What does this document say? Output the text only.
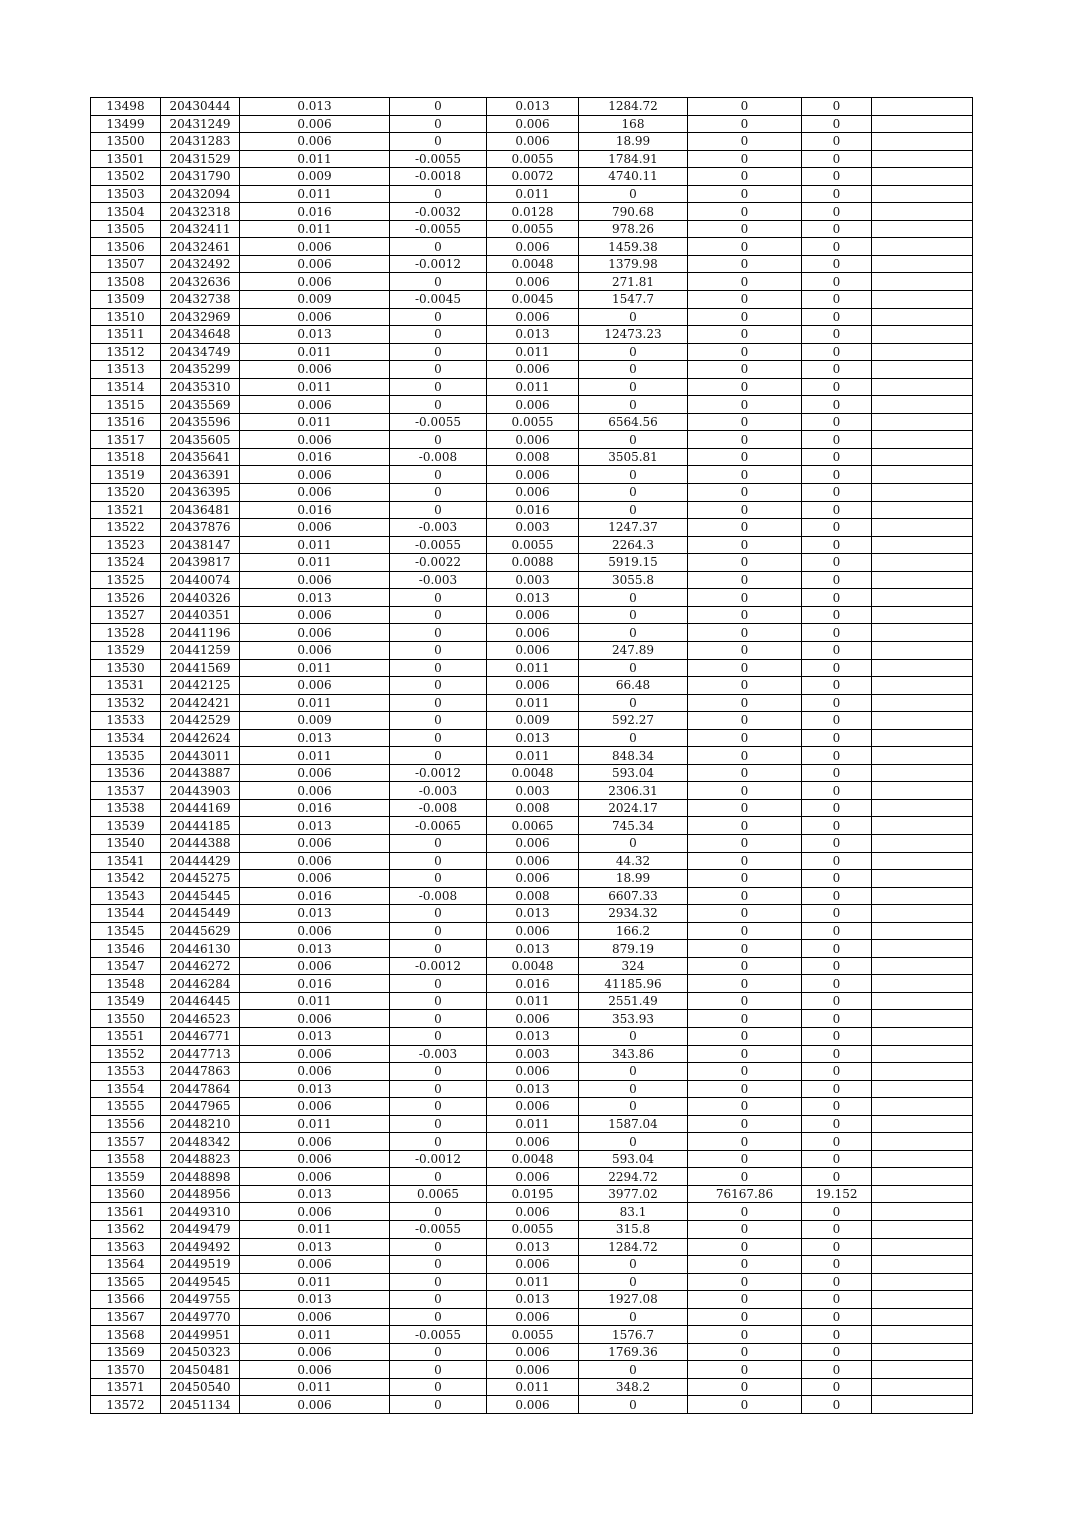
13498	20430444	0.013	0	0.013	1284.72	0	0	
13499	20431249	0.006	0	0.006	168	0	0	
13500	20431283	0.006	0	0.006	18.99	0	0	
13501	20431529	0.011	-0.0055	0.0055	1784.91	0	0	
13502	20431790	0.009	-0.0018	0.0072	4740.11	0	0	
13503	20432094	0.011	0	0.011	0	0	0	
13504	20432318	0.016	-0.0032	0.0128	790.68	0	0	
13505	20432411	0.011	-0.0055	0.0055	978.26	0	0	
13506	20432461	0.006	0	0.006	1459.38	0	0	
13507	20432492	0.006	-0.0012	0.0048	1379.98	0	0	
13508	20432636	0.006	0	0.006	271.81	0	0	
13509	20432738	0.009	-0.0045	0.0045	1547.7	0	0	
13510	20432969	0.006	0	0.006	0	0	0	
13511	20434648	0.013	0	0.013	12473.23	0	0	
13512	20434749	0.011	0	0.011	0	0	0	
13513	20435299	0.006	0	0.006	0	0	0	
13514	20435310	0.011	0	0.011	0	0	0	
13515	20435569	0.006	0	0.006	0	0	0	
13516	20435596	0.011	-0.0055	0.0055	6564.56	0	0	
13517	20435605	0.006	0	0.006	0	0	0	
13518	20435641	0.016	-0.008	0.008	3505.81	0	0	
13519	20436391	0.006	0	0.006	0	0	0	
13520	20436395	0.006	0	0.006	0	0	0	
13521	20436481	0.016	0	0.016	0	0	0	
13522	20437876	0.006	-0.003	0.003	1247.37	0	0	
13523	20438147	0.011	-0.0055	0.0055	2264.3	0	0	
13524	20439817	0.011	-0.0022	0.0088	5919.15	0	0	
13525	20440074	0.006	-0.003	0.003	3055.8	0	0	
13526	20440326	0.013	0	0.013	0	0	0	
13527	20440351	0.006	0	0.006	0	0	0	
13528	20441196	0.006	0	0.006	0	0	0	
13529	20441259	0.006	0	0.006	247.89	0	0	
13530	20441569	0.011	0	0.011	0	0	0	
13531	20442125	0.006	0	0.006	66.48	0	0	
13532	20442421	0.011	0	0.011	0	0	0	
13533	20442529	0.009	0	0.009	592.27	0	0	
13534	20442624	0.013	0	0.013	0	0	0	
13535	20443011	0.011	0	0.011	848.34	0	0	
13536	20443887	0.006	-0.0012	0.0048	593.04	0	0	
13537	20443903	0.006	-0.003	0.003	2306.31	0	0	
13538	20444169	0.016	-0.008	0.008	2024.17	0	0	
13539	20444185	0.013	-0.0065	0.0065	745.34	0	0	
13540	20444388	0.006	0	0.006	0	0	0	
13541	20444429	0.006	0	0.006	44.32	0	0	
13542	20445275	0.006	0	0.006	18.99	0	0	
13543	20445445	0.016	-0.008	0.008	6607.33	0	0	
13544	20445449	0.013	0	0.013	2934.32	0	0	
13545	20445629	0.006	0	0.006	166.2	0	0	
13546	20446130	0.013	0	0.013	879.19	0	0	
13547	20446272	0.006	-0.0012	0.0048	324	0	0	
13548	20446284	0.016	0	0.016	41185.96	0	0	
13549	20446445	0.011	0	0.011	2551.49	0	0	
13550	20446523	0.006	0	0.006	353.93	0	0	
13551	20446771	0.013	0	0.013	0	0	0	
13552	20447713	0.006	-0.003	0.003	343.86	0	0	
13553	20447863	0.006	0	0.006	0	0	0	
13554	20447864	0.013	0	0.013	0	0	0	
13555	20447965	0.006	0	0.006	0	0	0	
13556	20448210	0.011	0	0.011	1587.04	0	0	
13557	20448342	0.006	0	0.006	0	0	0	
13558	20448823	0.006	-0.0012	0.0048	593.04	0	0	
13559	20448898	0.006	0	0.006	2294.72	0	0	
13560	20448956	0.013	0.0065	0.0195	3977.02	76167.86	19.152	
13561	20449310	0.006	0	0.006	83.1	0	0	
13562	20449479	0.011	-0.0055	0.0055	315.8	0	0	
13563	20449492	0.013	0	0.013	1284.72	0	0	
13564	20449519	0.006	0	0.006	0	0	0	
13565	20449545	0.011	0	0.011	0	0	0	
13566	20449755	0.013	0	0.013	1927.08	0	0	
13567	20449770	0.006	0	0.006	0	0	0	
13568	20449951	0.011	-0.0055	0.0055	1576.7	0	0	
13569	20450323	0.006	0	0.006	1769.36	0	0	
13570	20450481	0.006	0	0.006	0	0	0	
13571	20450540	0.011	0	0.011	348.2	0	0	
13572	20451134	0.006	0	0.006	0	0	0	
